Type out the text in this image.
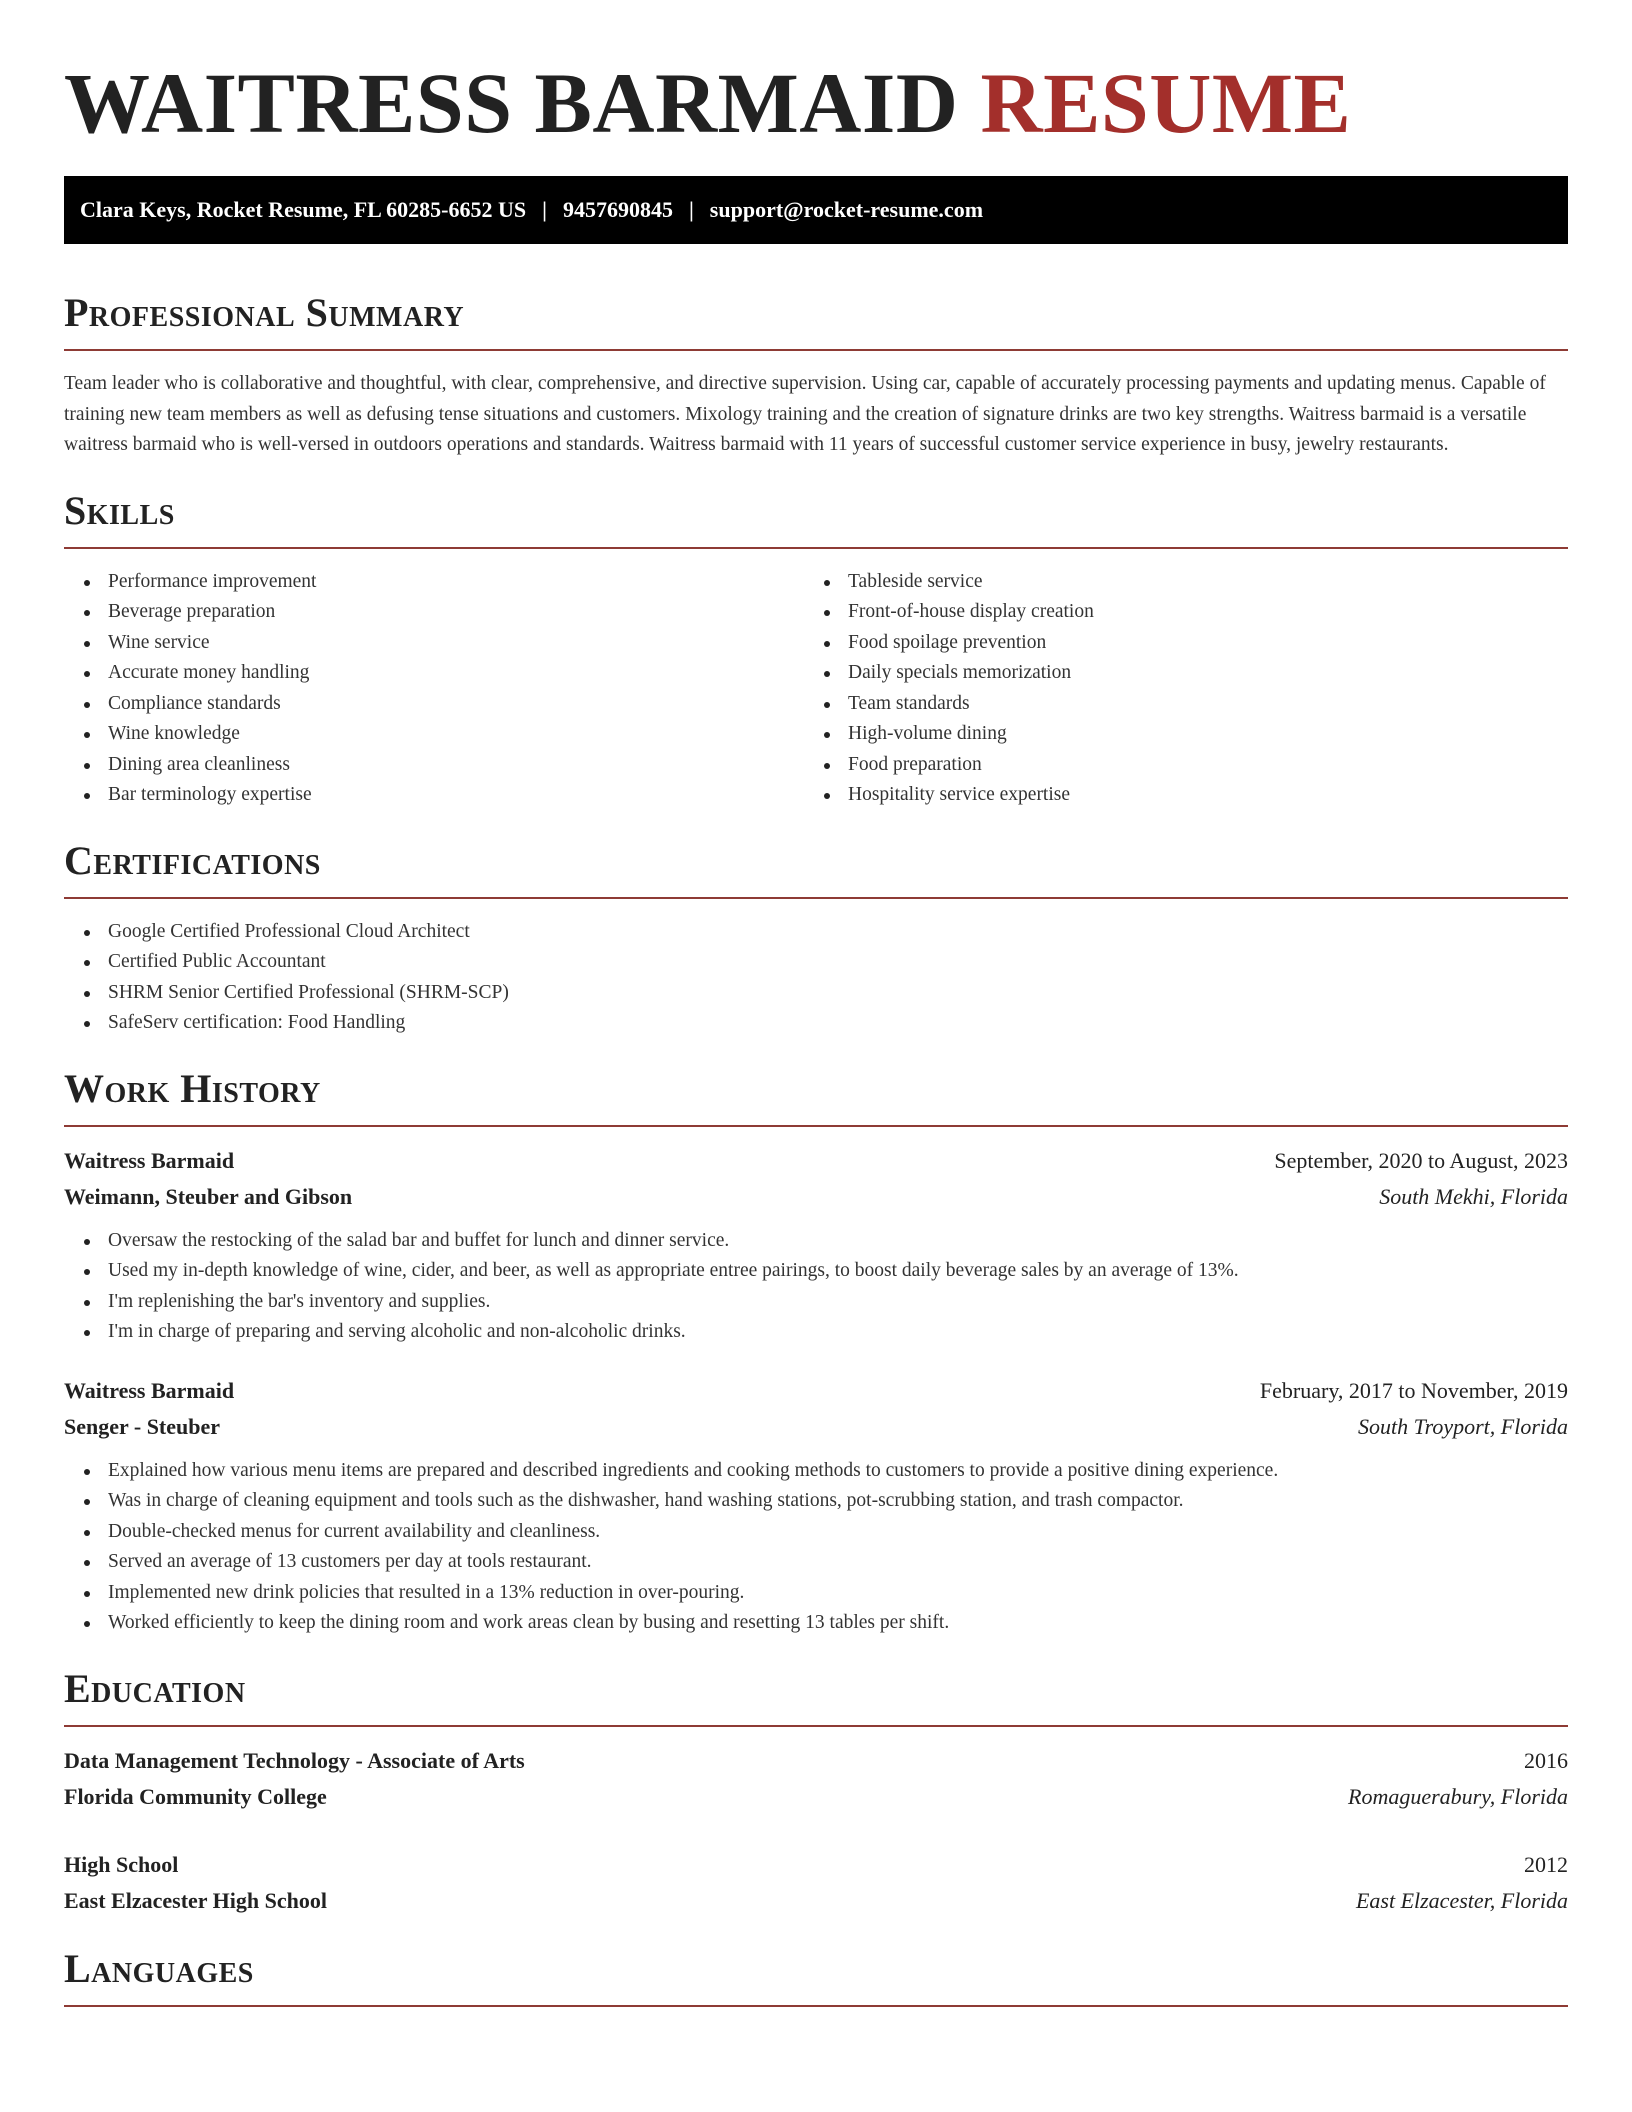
WAITRESS BARMAID RESUME
Clara Keys, Rocket Resume, FL 60285-6652 US | 9457690845 | support@rocket-resume.com
Professional Summary

Team leader who is collaborative and thoughtful, with clear, comprehensive, and directive supervision. Using car, capable of accurately processing payments and updating menus. Capable of training new team members as well as defusing tense situations and customers. Mixology training and the creation of signature drinks are two key strengths. Waitress barmaid is a versatile waitress barmaid who is well-versed in outdoors operations and standards. Waitress barmaid with 11 years of successful customer service experience in busy, jewelry restaurants.

Skills
Performance improvement
Beverage preparation
Wine service
Accurate money handling
Compliance standards
Wine knowledge
Dining area cleanliness
Bar terminology expertise
Tableside service
Front-of-house display creation
Food spoilage prevention
Daily specials memorization
Team standards
High-volume dining
Food preparation
Hospitality service expertise
Certifications
Google Certified Professional Cloud Architect
Certified Public Accountant
SHRM Senior Certified Professional (SHRM-SCP)
SafeServ certification: Food Handling
Work History
Waitress Barmaid	September, 2020 to August, 2023
Weimann, Steuber and Gibson	South Mekhi, Florida
Oversaw the restocking of the salad bar and buffet for lunch and dinner service.
Used my in-depth knowledge of wine, cider, and beer, as well as appropriate entree pairings, to boost daily beverage sales by an average of 13%.
I'm replenishing the bar's inventory and supplies.
I'm in charge of preparing and serving alcoholic and non-alcoholic drinks.
Waitress Barmaid	February, 2017 to November, 2019
Senger - Steuber	South Troyport, Florida
Explained how various menu items are prepared and described ingredients and cooking methods to customers to provide a positive dining experience.
Was in charge of cleaning equipment and tools such as the dishwasher, hand washing stations, pot-scrubbing station, and trash compactor.
Double-checked menus for current availability and cleanliness.
Served an average of 13 customers per day at tools restaurant.
Implemented new drink policies that resulted in a 13% reduction in over-pouring.
Worked efficiently to keep the dining room and work areas clean by busing and resetting 13 tables per shift.
Education
Data Management Technology - Associate of Arts	2016
Florida Community College	Romaguerabury, Florida
High School	2012
East Elzacester High School	East Elzacester, Florida
Languages
